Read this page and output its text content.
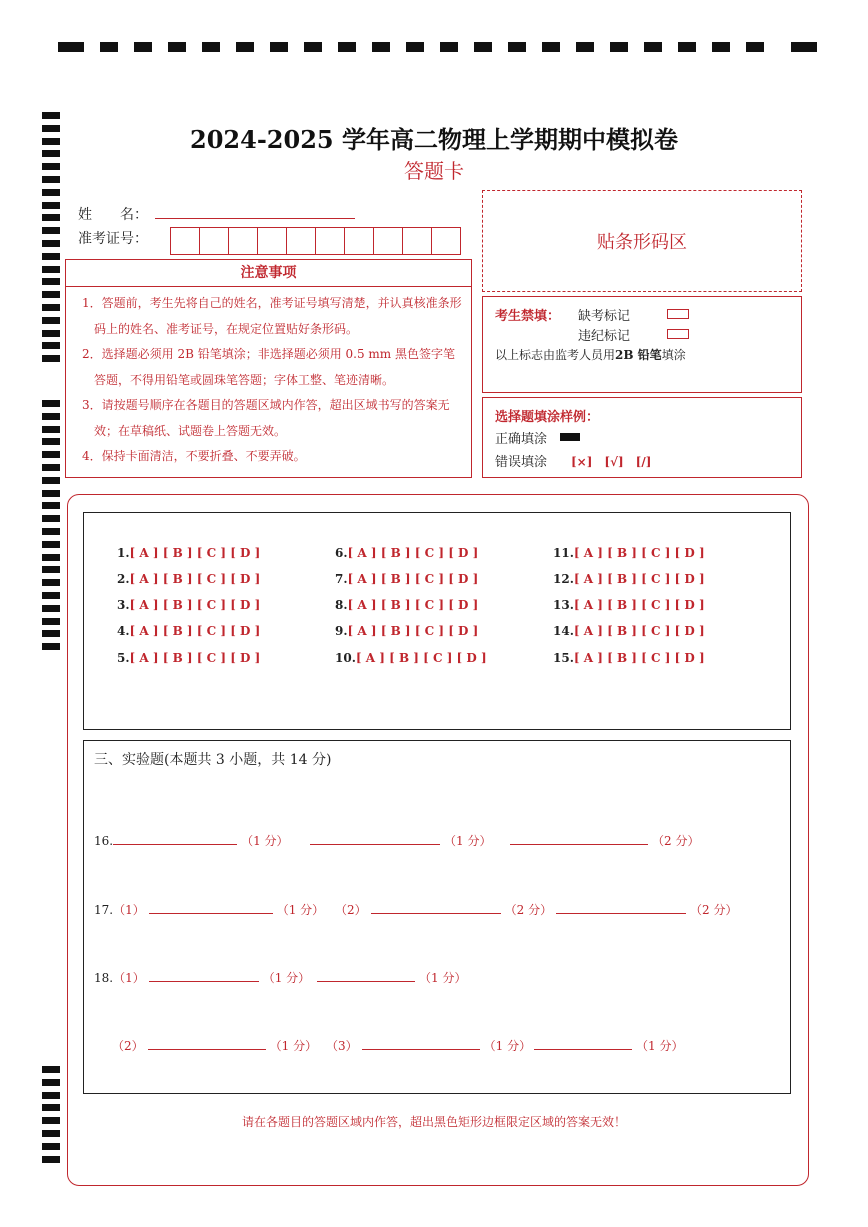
2024-2025 学年高二物理上学期期中模拟卷
答题卡
姓　　名：
准考证号：
注意事项

1．答题前，考生先将自己的姓名，准考证号填写清楚，并认真核准条形码上的姓名、准考证号，在规定位置贴好条形码。

2．选择题必须用 2B 铅笔填涂；非选择题必须用 0.5 mm 黑色签字笔答题，不得用铅笔或圆珠笔答题；字体工整、笔迹清晰。

3．请按题号顺序在各题目的答题区域内作答，超出区域书写的答案无效；在草稿纸、试题卷上答题无效。

4．保持卡面清洁，不要折叠、不要弄破。

贴条形码区
考生禁填： 缺考标记
违纪标记
以上标志由监考人员用2B 铅笔填涂
选择题填涂样例：
正确填涂
错误填涂 [×]　[√]　[/]
1.[ A ] [ B ] [ C ] [ D ]
2.[ A ] [ B ] [ C ] [ D ]
3.[ A ] [ B ] [ C ] [ D ]
4.[ A ] [ B ] [ C ] [ D ]
5.[ A ] [ B ] [ C ] [ D ]
6.[ A ] [ B ] [ C ] [ D ]
7.[ A ] [ B ] [ C ] [ D ]
8.[ A ] [ B ] [ C ] [ D ]
9.[ A ] [ B ] [ C ] [ D ]
10.[ A ] [ B ] [ C ] [ D ]
11.[ A ] [ B ] [ C ] [ D ]
12.[ A ] [ B ] [ C ] [ D ]
13.[ A ] [ B ] [ C ] [ D ]
14.[ A ] [ B ] [ C ] [ D ]
15.[ A ] [ B ] [ C ] [ D ]
三、实验题(本题共 3 小题，共 14 分)
16.	（1 分）	（1 分）	（2 分）
17.（1）	（1 分） （2）	（2 分）	（2 分）
18.（1）	（1 分）	（1 分）
（2）	（1 分） （3）	（1 分）	（1 分）
请在各题目的答题区域内作答，超出黑色矩形边框限定区域的答案无效！
